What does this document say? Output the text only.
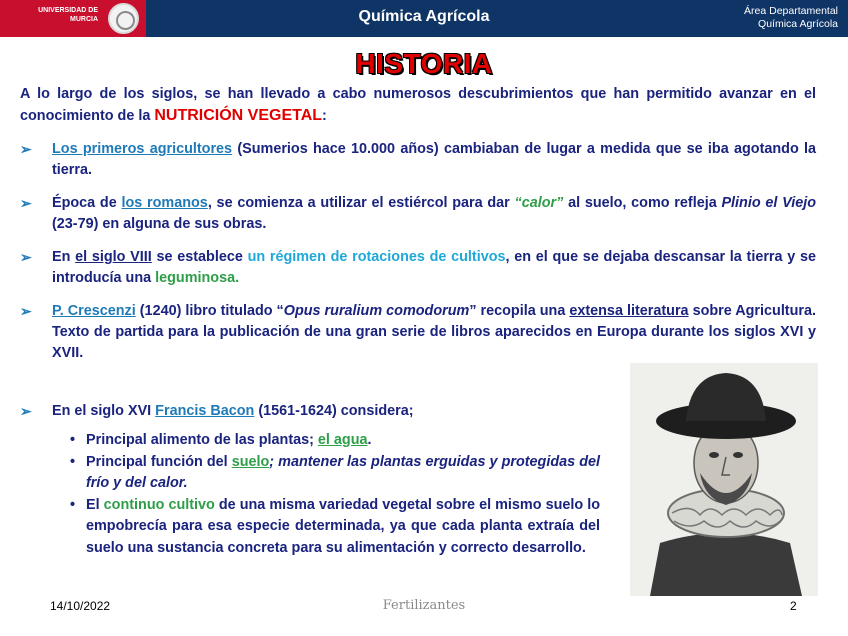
UNIVERSIDAD DE
MURCIA	Química Agrícola	Área Departamental
Química Agrícola
HISTORIA

A lo largo de los siglos, se han llevado a cabo numerosos descubrimientos que han permitido avanzar en el conocimiento de la NUTRICIÓN VEGETAL:

➢ Los primeros agricultores (Sumerios hace 10.000 años) cambiaban de lugar a medida que se iba agotando la tierra.
➢ Época de los romanos, se comienza a utilizar el estiércol para dar “calor” al suelo, como refleja Plinio el Viejo (23-79) en alguna de sus obras.
➢ En el siglo VIII se establece un régimen de rotaciones de cultivos, en el que se dejaba descansar la tierra y se introducía una leguminosa.
➢ P. Crescenzi (1240) libro titulado “Opus ruralium comodorum” recopila una extensa literatura sobre Agricultura. Texto de partida para la publicación de una gran serie de libros aparecidos en Europa durante los siglos XVI y XVII.
➢ En el siglo XVI Francis Bacon (1561-1624) considera;
• Principal alimento de las plantas; el agua.
• Principal función del suelo; mantener las plantas erguidas y protegidas del frío y del calor.
• El continuo cultivo de una misma variedad vegetal sobre el mismo suelo lo empobrecía para esa especie determinada, ya que cada planta extraía del suelo una sustancia concreta para su alimentación y correcto desarrollo.
14/10/2022	Fertilizantes	2
